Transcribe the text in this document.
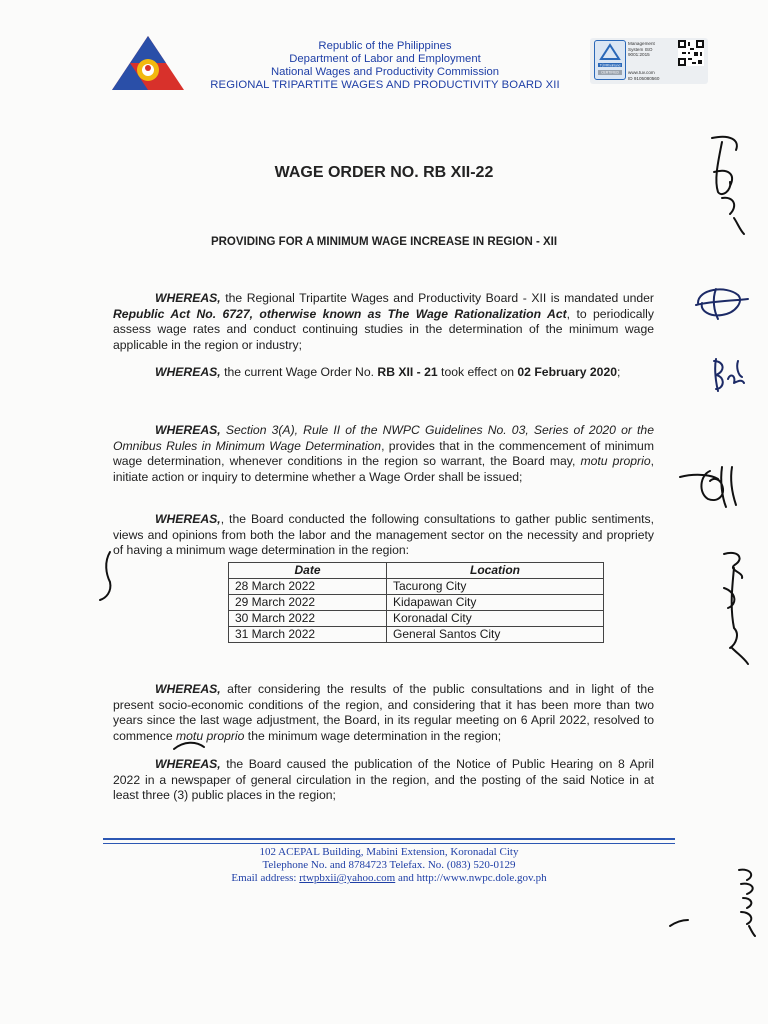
Republic of the Philippines
Department of Labor and Employment
National Wages and Productivity Commission
REGIONAL TRIPARTITE WAGES AND PRODUCTIVITY BOARD XII
TÜVRheinland
CERTIFIED
Management System ISO 9001:2015
www.tuv.com
ID 9105080560
WAGE ORDER NO. RB XII-22
PROVIDING FOR A MINIMUM WAGE INCREASE IN REGION - XII
WHEREAS, the Regional Tripartite Wages and Productivity Board - XII is mandated under Republic Act No. 6727, otherwise known as The Wage Rationalization Act, to periodically assess wage rates and conduct continuing studies in the determination of the minimum wage applicable in the region or industry;
WHEREAS, the current Wage Order No. RB XII - 21 took effect on 02 February 2020;
WHEREAS, Section 3(A), Rule II of the NWPC Guidelines No. 03, Series of 2020 or the Omnibus Rules in Minimum Wage Determination, provides that in the commencement of minimum wage determination, whenever conditions in the region so warrant, the Board may, motu proprio, initiate action or inquiry to determine whether a Wage Order shall be issued;
WHEREAS,, the Board conducted the following consultations to gather public sentiments, views and opinions from both the labor and the management sector on the necessity and propriety of having a minimum wage determination in the region:
Date	Location
28 March 2022	Tacurong City
29 March 2022	Kidapawan City
30 March 2022	Koronadal City
31 March 2022	General Santos City
WHEREAS, after considering the results of the public consultations and in light of the present socio-economic conditions of the region, and considering that it has been more than two years since the last wage adjustment, the Board, in its regular meeting on 6 April 2022, resolved to commence motu proprio the minimum wage determination in the region;
WHEREAS, the Board caused the publication of the Notice of Public Hearing on 8 April 2022 in a newspaper of general circulation in the region, and the posting of the said Notice in at least three (3) public places in the region;
102 ACEPAL Building, Mabini Extension, Koronadal City
Telephone No. and 8784723 Telefax. No. (083) 520-0129
Email address: rtwpbxii@yahoo.com and http://www.nwpc.dole.gov.ph
